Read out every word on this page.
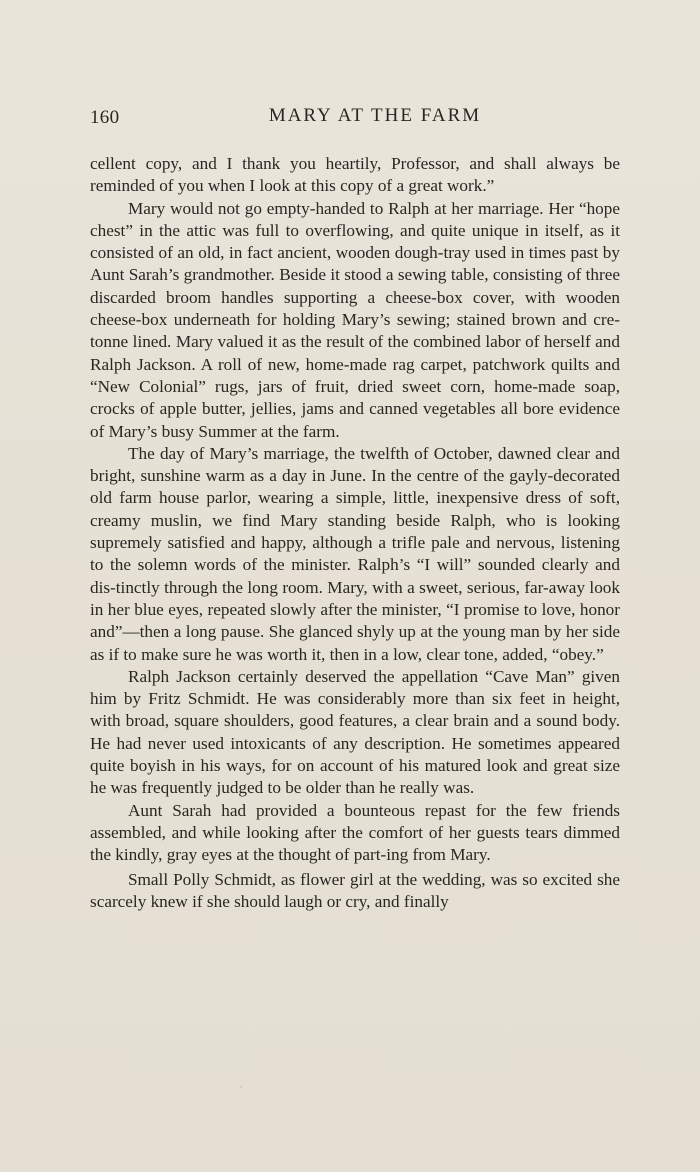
160	MARY AT THE FARM

cellent copy, and I thank you heartily, Professor, and shall always be reminded of you when I look at this copy of a great work.”

Mary would not go empty-handed to Ralph at her marriage. Her “hope chest” in the attic was full to overflowing, and quite unique in itself, as it consisted of an old, in fact ancient, wooden dough-tray used in times past by Aunt Sarah’s grandmother. Beside it stood a sewing table, consisting of three discarded broom handles supporting a cheese-box cover, with wooden cheese-box underneath for holding Mary’s sewing; stained brown and cre-tonne lined. Mary valued it as the result of the combined labor of herself and Ralph Jackson. A roll of new, home-made rag carpet, patchwork quilts and “New Colonial” rugs, jars of fruit, dried sweet corn, home-made soap, crocks of apple butter, jellies, jams and canned vegetables all bore evidence of Mary’s busy Summer at the farm.

The day of Mary’s marriage, the twelfth of October, dawned clear and bright, sunshine warm as a day in June. In the centre of the gayly-decorated old farm house parlor, wearing a simple, little, inexpensive dress of soft, creamy muslin, we find Mary standing beside Ralph, who is looking supremely satisfied and happy, although a trifle pale and nervous, listening to the solemn words of the minister. Ralph’s “I will” sounded clearly and dis-tinctly through the long room. Mary, with a sweet, serious, far-away look in her blue eyes, repeated slowly after the minister, “I promise to love, honor and”—then a long pause. She glanced shyly up at the young man by her side as if to make sure he was worth it, then in a low, clear tone, added, “obey.”

Ralph Jackson certainly deserved the appellation “Cave Man” given him by Fritz Schmidt. He was considerably more than six feet in height, with broad, square shoulders, good features, a clear brain and a sound body. He had never used intoxicants of any description. He sometimes appeared quite boyish in his ways, for on account of his matured look and great size he was frequently judged to be older than he really was.

Aunt Sarah had provided a bounteous repast for the few friends assembled, and while looking after the comfort of her guests tears dimmed the kindly, gray eyes at the thought of part-ing from Mary.

Small Polly Schmidt, as flower girl at the wedding, was so excited she scarcely knew if she should laugh or cry, and finally
